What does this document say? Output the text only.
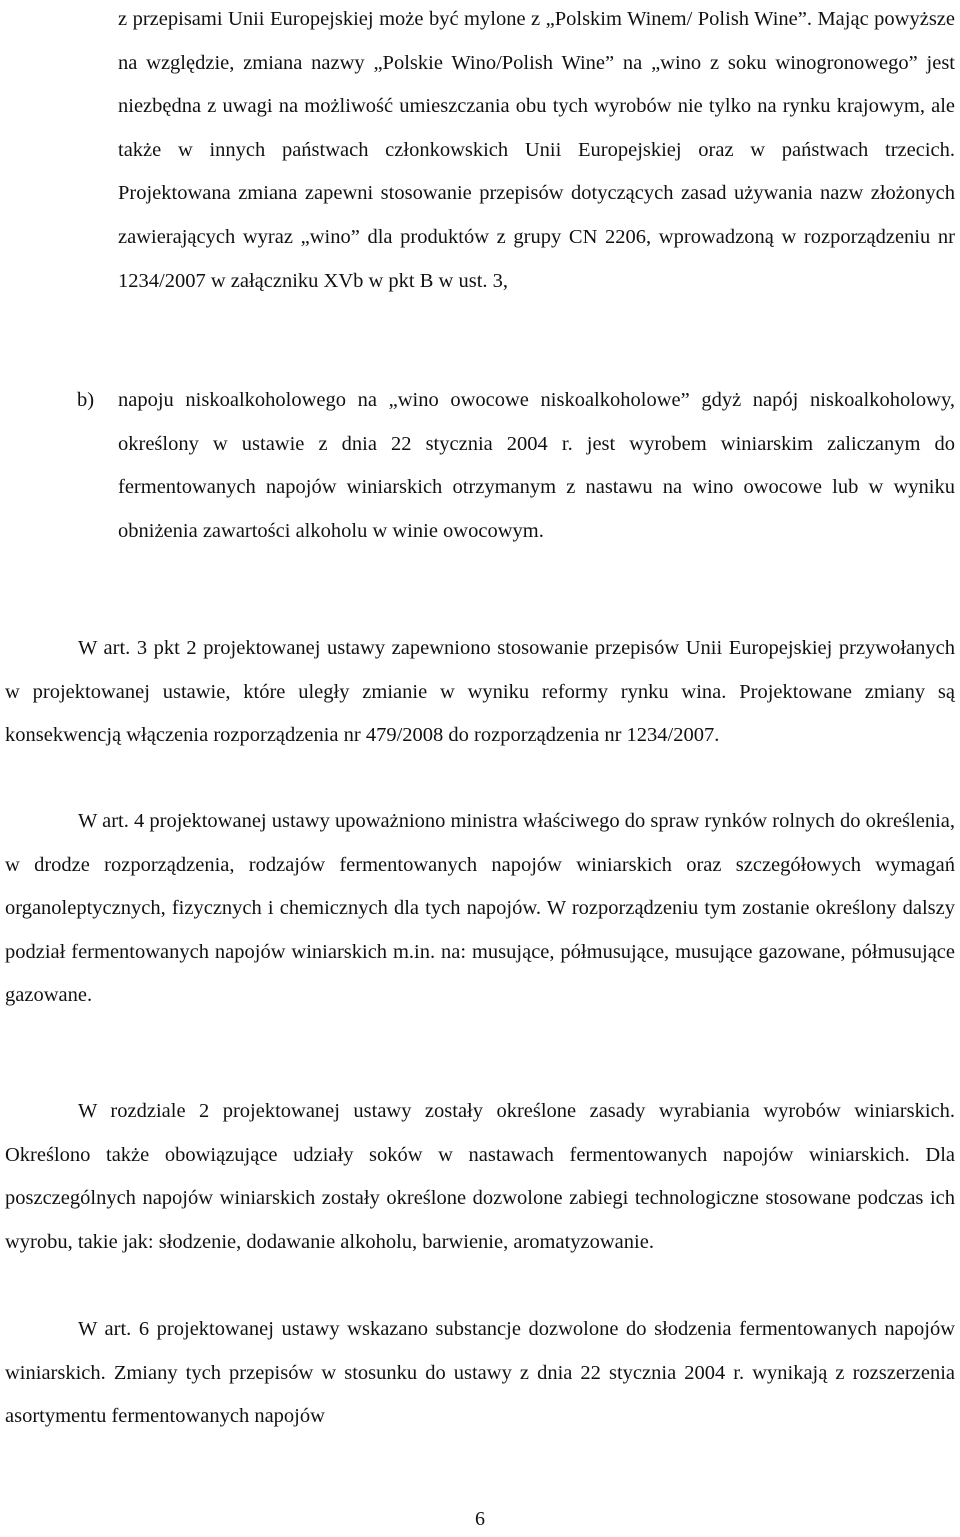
z przepisami Unii Europejskiej może być mylone z „Polskim Winem/ Polish Wine”. Mając powyższe na względzie, zmiana nazwy „Polskie Wino/Polish Wine” na „wino z soku winogronowego” jest niezbędna z uwagi na możliwość umieszczania obu tych wyrobów nie tylko na rynku krajowym, ale także w innych państwach członkowskich Unii Europejskiej oraz w państwach trzecich. Projektowana zmiana zapewni stosowanie przepisów dotyczących zasad używania nazw złożonych zawierających wyraz „wino” dla produktów z grupy CN 2206, wprowadzoną w rozporządzeniu nr 1234/2007 w załączniku XVb w pkt B w ust. 3,

b) napoju niskoalkoholowego na „wino owocowe niskoalkoholowe” gdyż napój niskoalkoholowy, określony w ustawie z dnia 22 stycznia 2004 r. jest wyrobem winiarskim zaliczanym do fermentowanych napojów winiarskich otrzymanym z nastawu na wino owocowe lub w wyniku obniżenia zawartości alkoholu w winie owocowym.

W art. 3 pkt 2 projektowanej ustawy zapewniono stosowanie przepisów Unii Europejskiej przywołanych w projektowanej ustawie, które uległy zmianie w wyniku reformy rynku wina. Projektowane zmiany są konsekwencją włączenia rozporządzenia nr 479/2008 do rozporządzenia nr 1234/2007.

W art. 4 projektowanej ustawy upoważniono ministra właściwego do spraw rynków rolnych do określenia, w drodze rozporządzenia, rodzajów fermentowanych napojów winiarskich oraz szczegółowych wymagań organoleptycznych, fizycznych i chemicznych dla tych napojów. W rozporządzeniu tym zostanie określony dalszy podział fermentowanych napojów winiarskich m.in. na: musujące, półmusujące, musujące gazowane, półmusujące gazowane.

W rozdziale 2 projektowanej ustawy zostały określone zasady wyrabiania wyrobów winiarskich. Określono także obowiązujące udziały soków w nastawach fermentowanych napojów winiarskich. Dla poszczególnych napojów winiarskich zostały określone dozwolone zabiegi technologiczne stosowane podczas ich wyrobu, takie jak: słodzenie, dodawanie alkoholu, barwienie, aromatyzowanie.

W art. 6 projektowanej ustawy wskazano substancje dozwolone do słodzenia fermentowanych napojów winiarskich. Zmiany tych przepisów w stosunku do ustawy z dnia 22 stycznia 2004 r. wynikają z rozszerzenia asortymentu fermentowanych napojów

6
